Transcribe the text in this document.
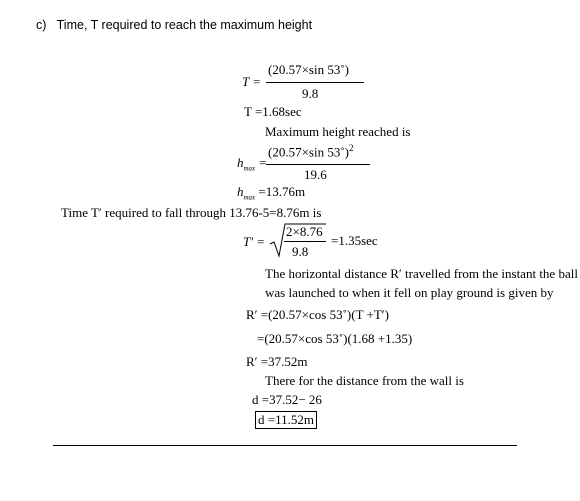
c) Time, T required to reach the maximum height
T =
(20.57×sin 53˚)
9.8
T =1.68sec
Maximum height reached is
$h_{max}$ =
(20.57×sin 53˚)$^2$
19.6
$h_{max} =13.76m$
Time Tʹ required to fall through 13.76-5=8.76m is
Tʹ =
2×8.76
9.8
=1.35sec
The horizontal distance Rʹ travelled from the instant the ball
was launched to when it fell on play ground is given by
Rʹ =(20.57×cos 53˚)(T +Tʹ)
=(20.57×cos 53˚)(1.68 +1.35)
Rʹ =37.52m
There for the distance from the wall is
d =37.52− 26
d =11.52m
